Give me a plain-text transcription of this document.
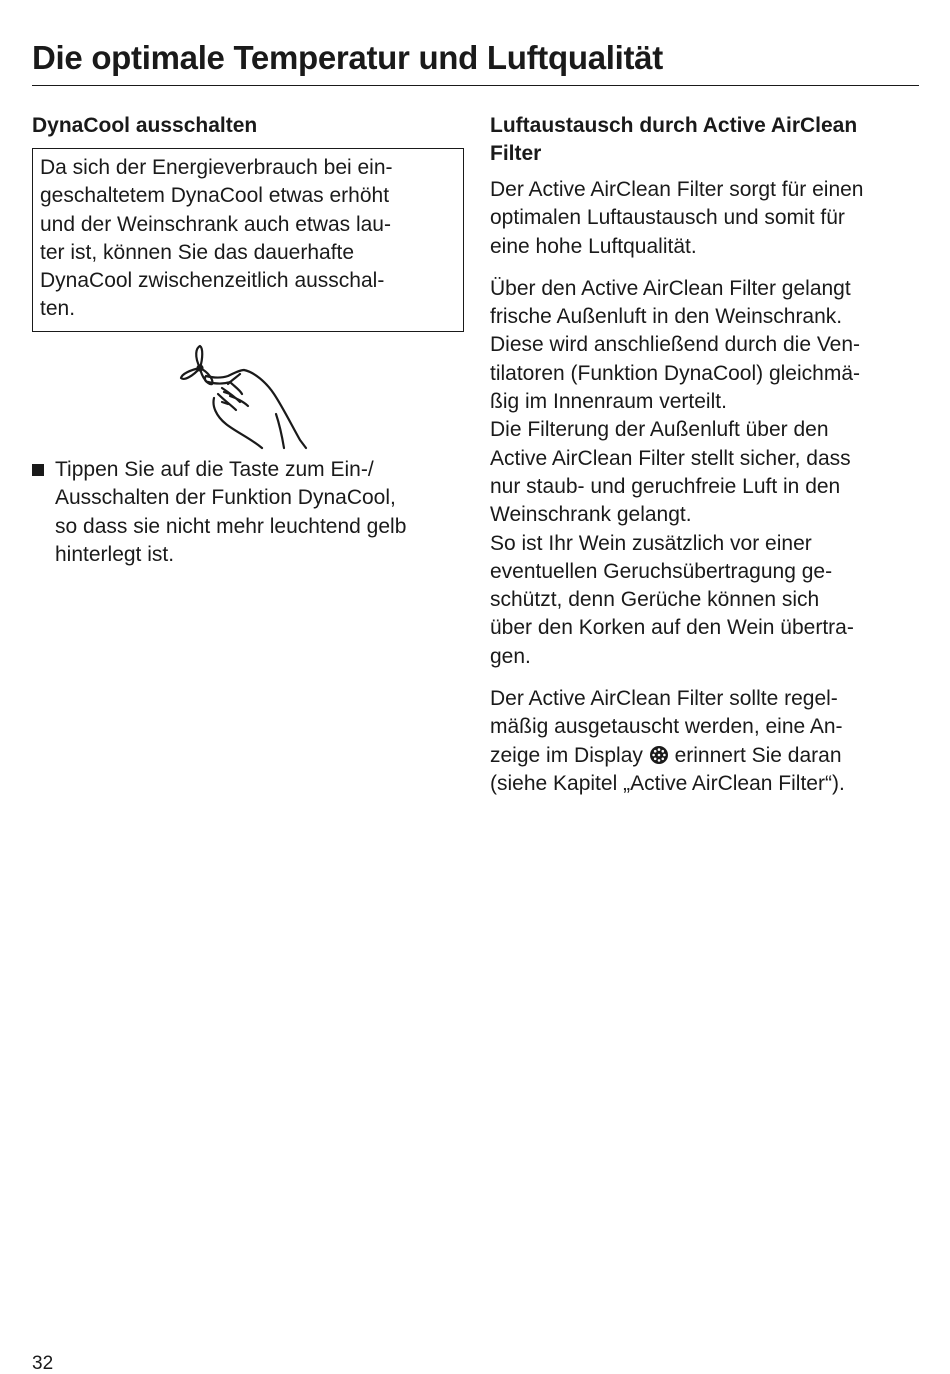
Die optimale Temperatur und Luftqualität
DynaCool ausschalten
Da sich der Energieverbrauch bei ein-
geschaltetem DynaCool etwas erhöht
und der Weinschrank auch etwas lau-
ter ist, können Sie das dauerhafte
DynaCool zwischenzeitlich ausschal-
ten.
Tippen Sie auf die Taste zum Ein-/
Ausschalten der Funktion DynaCool,
so dass sie nicht mehr leuchtend gelb
hinterlegt ist.
Luftaustausch durch Active AirClean
Filter
Der Active AirClean Filter sorgt für einen
optimalen Luftaustausch und somit für
eine hohe Luftqualität.
Über den Active AirClean Filter gelangt
frische Außenluft in den Weinschrank.
Diese wird anschließend durch die Ven-
tilatoren (Funktion DynaCool) gleichmä-
ßig im Innenraum verteilt.
Die Filterung der Außenluft über den
Active AirClean Filter stellt sicher, dass
nur staub- und geruchfreie Luft in den
Weinschrank gelangt.
So ist Ihr Wein zusätzlich vor einer
eventuellen Geruchsübertragung ge-
schützt, denn Gerüche können sich
über den Korken auf den Wein übertra-
gen.
Der Active AirClean Filter sollte regel-
mäßig ausgetauscht werden, eine An-
zeige im Display  erinnert Sie daran
(siehe Kapitel „Active AirClean Filter“).
32
